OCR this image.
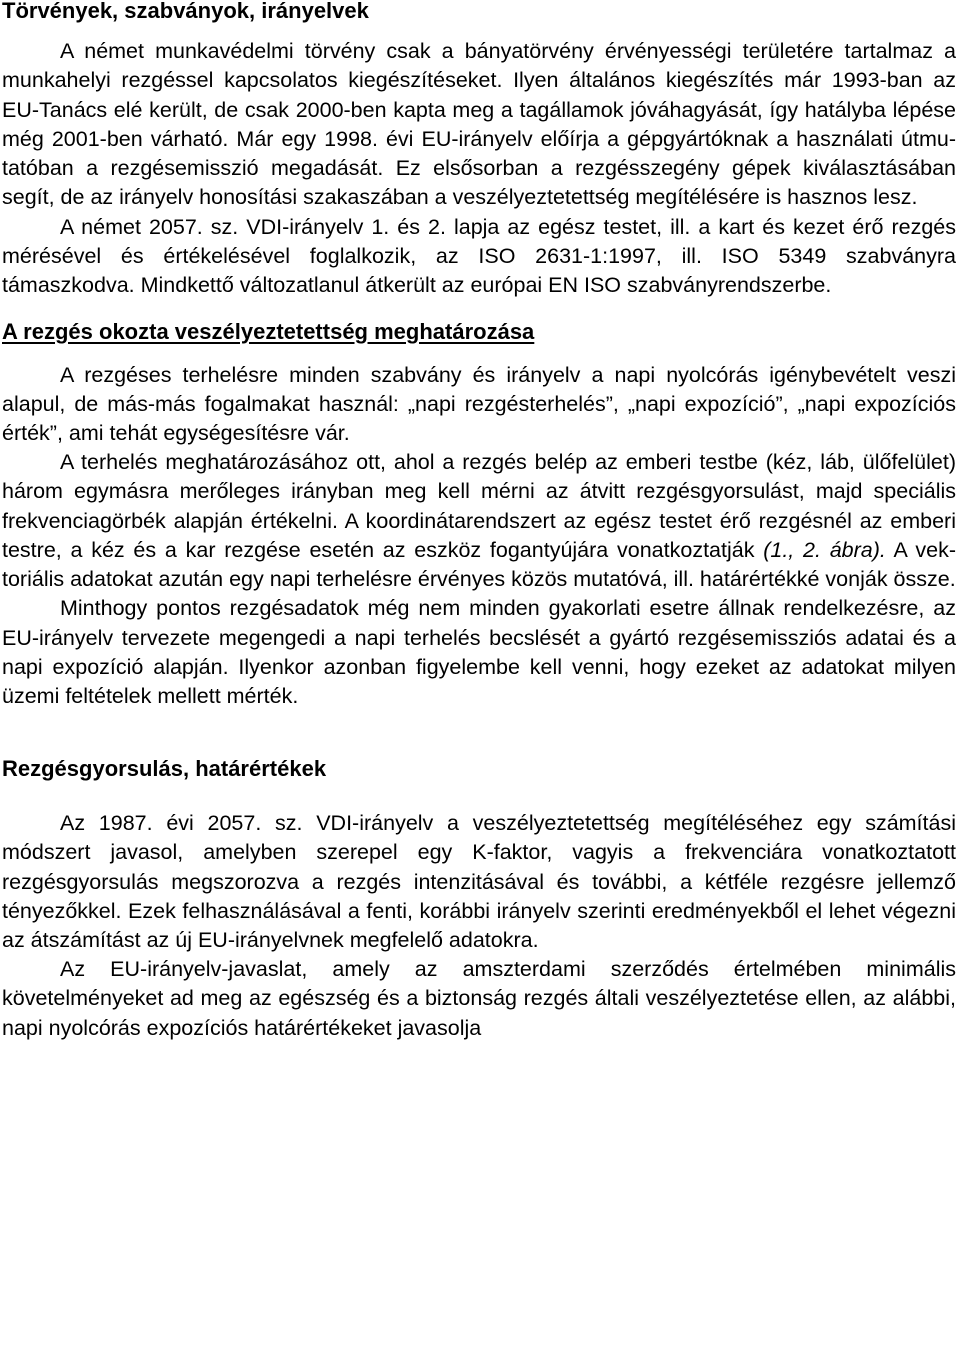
Törvények, szabványok, irányelvek

A német munkavédelmi törvény csak a bányatörvény érvényességi területére tartalmaz a munkahelyi rezgéssel kapcsolatos kiegészítéseket. Ilyen általános kiegészítés már 1993-ban az EU-Tanács elé került, de csak 2000-ben kapta meg a tagállamok jóváhagyását, így hatályba lépése még 2001-ben várható. Már egy 1998. évi EU-irányelv előírja a gépgyártóknak a használati útmutatóban a rezgésemisszió megadását. Ez elsősorban a rezgésszegény gépek kiválasztásában segít, de az irányelv honosítási szakaszában a veszélyeztetettség megítélésére is hasznos lesz.

A német 2057. sz. VDI-irányelv 1. és 2. lapja az egész testet, ill. a kart és kezet érő rezgés mérésével és értékelésével foglalkozik, az ISO 2631-1:1997, ill. ISO 5349 szabványra támaszkodva. Mindkettő változatlanul átkerült az európai EN ISO szabványrendszerbe.

A rezgés okozta veszélyeztetettség meghatározása

A rezgéses terhelésre minden szabvány és irányelv a napi nyolcórás igénybevételt veszi alapul, de más-más fogalmakat használ: „napi rezgésterhelés”, „napi expozíció”, „napi expozíciós érték”, ami tehát egységesítésre vár.

A terhelés meghatározásához ott, ahol a rezgés belép az emberi testbe (kéz, láb, ülőfelület) három egymásra merőleges irányban meg kell mérni az átvitt rezgésgyorsulást, majd speciális frekvenciagörbék alapján értékelni. A koordinátarendszert az egész testet érő rezgésnél az emberi testre, a kéz és a kar rezgése esetén az eszköz fogantyújára vonatkoztatják (1., 2. ábra). A vektoriális adatokat azután egy napi terhelésre érvényes közös mutatóvá, ill. határértékké vonják össze.

Minthogy pontos rezgésadatok még nem minden gyakorlati esetre állnak rendelkezésre, az EU-irányelv tervezete megengedi a napi terhelés becslését a gyártó rezgésemissziós adatai és a napi expozíció alapján. Ilyenkor azonban figyelembe kell venni, hogy ezeket az adatokat milyen üzemi feltételek mellett mérték.

Rezgésgyorsulás, határértékek

Az 1987. évi 2057. sz. VDI-irányelv a veszélyeztetettség megítéléséhez egy számítási módszert javasol, amelyben szerepel egy K-faktor, vagyis a frekvenciára vonatkoztatott rezgésgyorsulás megszorozva a rezgés intenzitásával és további, a kétféle rezgésre jellemző tényezőkkel. Ezek felhasználásával a fenti, korábbi irányelv szerinti eredményekből el lehet végezni az átszámítást az új EU-irányelvnek megfelelő adatokra.

Az EU-irányelv-javaslat, amely az amszterdami szerződés értelmében minimális követelményeket ad meg az egészség és a biztonság rezgés általi veszélyeztetése ellen, az alábbi, napi nyolcórás expozíciós határértékeket javasolja
